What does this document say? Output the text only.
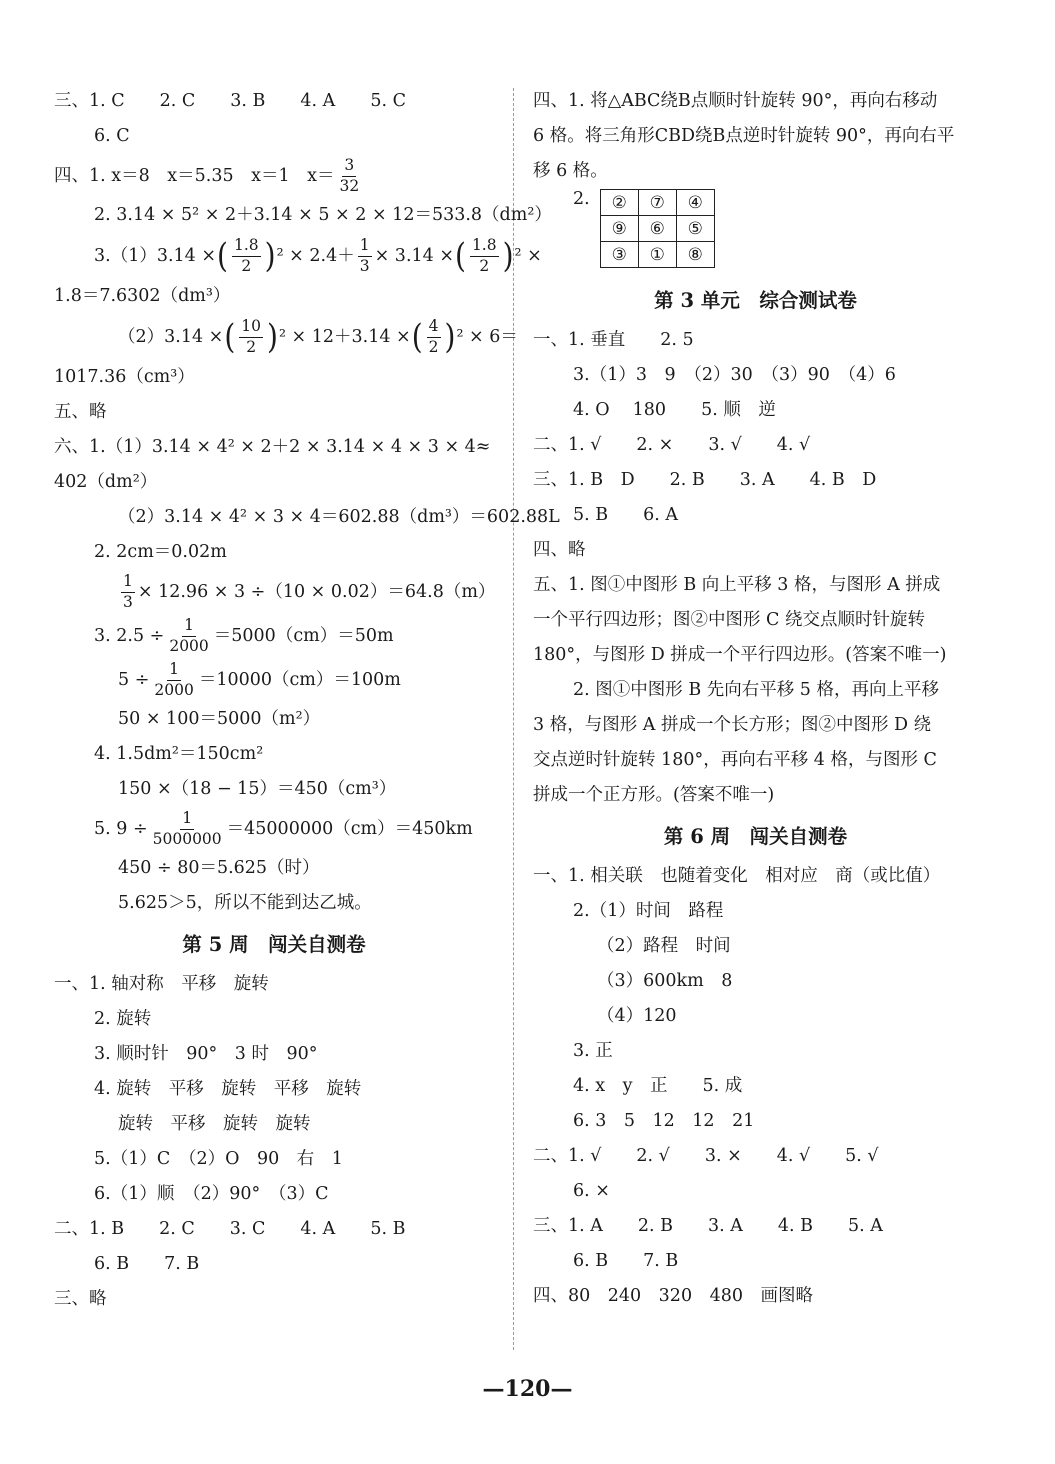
三、1. C　　2. C　　3. B　　4. A　　5. C
6. C
四、1.
x＝8　x＝5.35　x＝1　$x= \frac{3}{32}$
2. 3.14 × 5² × 2＋3.14 × 5 × 2 × 12＝533.8（dm²）
3.（1）3.14 × ( $\frac{1.8}{2}$ ) $^2 \times 2.4+ \frac{1}{3} \times 3.14$ × ( $\frac{1.8}{2}$ ) ² ×
1.8＝7.6302（dm³）
（2）3.14 × ( $\frac{10}{2}$ ) ² × 12＋3.14 × ( $\frac{4}{2}$ ) ² × 6＝
1017.36（cm³）
五、略
六、1.（1）3.14 × 4² × 2＋2 × 3.14 × 4 × 3 × 4≈
402（dm²）
（2）3.14 × 4² × 3 × 4＝602.88（dm³）＝602.88L
2. 2cm＝0.02m
$\frac{1}{3} \times 12.96 \times 3 \div(10 \times 0.02)=64.8(m)$
3. $2.5 \div \frac{1}{2000} =5000(cm)=50m$
$5 \div \frac{1}{2000} =10000(cm)=100m$
50 × 100＝5000（m²）
4. 1.5dm²＝150cm²
150 ×（18 − 15）＝450（cm³）
5. $9 \div \frac{1}{5000000} =45000000(cm)=450km$
450 ÷ 80＝5.625（时）
5.625＞5，所以不能到达乙城。
第 5 周　闯关自测卷
一、1. 轴对称　平移　旋转
2. 旋转
3. 顺时针　90°　3 时　90°
4. 旋转　平移　旋转　平移　旋转
旋转　平移　旋转　旋转
5.（1）C　（2）O　90　右　1
6.（1）顺　（2）90°　（3）C
二、1. B　　2. C　　3. C　　4. A　　5. B
6. B　　7. B
三、略
四、1. 将△ABC绕B点顺时针旋转 90°，再向右移动
6 格。将三角形CBD绕B点逆时针旋转 90°，再向右平
移 6 格。
2. ②	⑦	④
⑨	⑥	⑤
③	①	⑧
第 3 单元　综合测试卷
一、1. 垂直　　2. 5
3.（1）3　9　（2）30　（3）90　（4）6
4. O　 180　　5. 顺　逆
二、1. √　　2. ×　　3. √　　4. √
三、1. B　D　　2. B　　3. A　　4. B　D
5. B　　6. A
四、略
五、1. 图①中图形 B 向上平移 3 格，与图形 A 拼成
一个平行四边形；图②中图形 C 绕交点顺时针旋转
180°，与图形 D 拼成一个平行四边形。(答案不唯一)
2. 图①中图形 B 先向右平移 5 格，再向上平移
3 格，与图形 A 拼成一个长方形；图②中图形 D 绕
交点逆时针旋转 180°，再向右平移 4 格，与图形 C
拼成一个正方形。(答案不唯一)
第 6 周　闯关自测卷
一、1. 相关联　也随着变化　相对应　商（或比值）
2.（1）时间　路程
（2）路程　时间
（3）600km　8
（4）120
3. 正
4. x　y　正　　5. 成
6. 3　5　12　12　21
二、1. √　　2. √　　3. ×　　4. √　　5. √
6. ×
三、1. A　　2. B　　3. A　　4. B　　5. A
6. B　　7. B
四、80　240　320　480　画图略
—120—
